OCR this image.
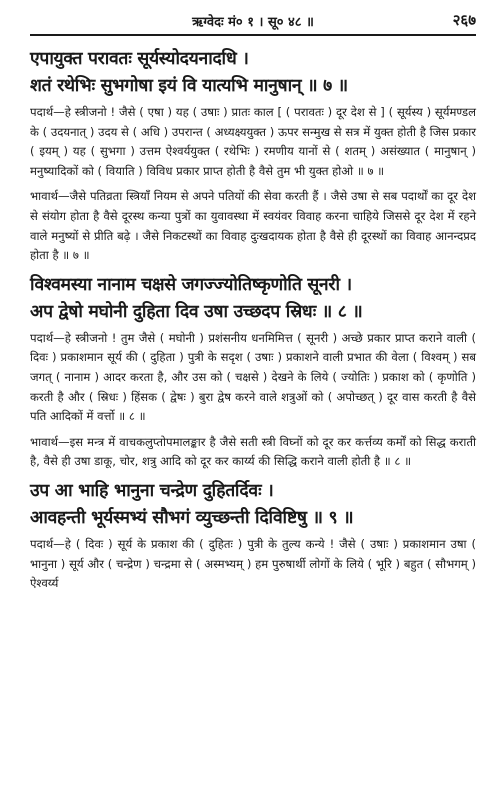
ऋग्वेदः मं० १ । सू० ४८ ॥	२६७
एपायुक्त परावतः सूर्यस्योदयनादधि ।
शतं रथेभिः सुभगोषा इयं वि यात्यभि मानुषान् ॥ ७ ॥

पदार्थ—हे स्त्रीजनो ! जैसे ( एषा ) यह ( उषाः ) प्रातः काल [ ( परावतः ) दूर देश से ] ( सूर्यस्य ) सूर्यमण्डल के ( उदयनात् ) उदय से ( अधि ) उपरान्त ( अध्यक्ष्ययुक्त ) ऊपर सन्मुख से सत्र में युक्त होती है जिस प्रकार ( इयम् ) यह ( सुभगा ) उत्तम ऐश्वर्ययुक्त ( रथेभिः ) रमणीय यानों से ( शतम् ) असंख्यात ( मानुषान् ) मनुष्यादिकों को ( वियाति ) विविध प्रकार प्राप्त होती है वैसे तुम भी युक्त होओ ॥ ७ ॥

भावार्थ—जैसे पतिव्रता स्त्रियाँ नियम से अपने पतियों की सेवा करती हैं । जैसे उषा से सब पदार्थों का दूर देश से संयोग होता है वैसे दूरस्थ कन्या पुत्रों का युवावस्था में स्वयंवर विवाह करना चाहिये जिससे दूर देश में रहने वाले मनुष्यों से प्रीति बढ़े । जैसे निकटस्थों का विवाह दुःखदायक होता है वैसे ही दूरस्थों का विवाह आनन्दप्रद होता है ॥ ७ ॥

विश्वमस्या नानाम चक्षसे जगज्ज्योतिष्कृणोति सूनरी ।
अप द्वेषो मघोनी दुहिता दिव उषा उच्छदप स्रिधः ॥ ८ ॥

पदार्थ—हे स्त्रीजनो ! तुम जैसे ( मघोनी ) प्रशंसनीय धनमिमित्त ( सूनरी ) अच्छे प्रकार प्राप्त कराने वाली ( दिवः ) प्रकाशमान सूर्य की ( दुहिता ) पुत्री के सदृश ( उषाः ) प्रकाशने वाली प्रभात की वेला ( विश्वम् ) सब जगत् ( नानाम ) आदर करता है, और उस को ( चक्षसे ) देखने के लिये ( ज्योतिः ) प्रकाश को ( कृणोति ) करती है और ( स्रिधः ) हिंसक ( द्वेषः ) बुरा द्वेष करने वाले शत्रुओं को ( अपोच्छत् ) दूर वास करती है वैसे पति आदिकों में वर्त्तो ॥ ८ ॥

भावार्थ—इस मन्त्र में वाचकलुप्तोपमालङ्कार है जैसे सती स्त्री विघ्नों को दूर कर कर्त्तव्य कर्मों को सिद्ध कराती है, वैसे ही उषा डाकू, चोर, शत्रु आदि को दूर कर कार्य्य की सिद्धि कराने वाली होती है ॥ ८ ॥

उप आ भाहि भानुना चन्द्रेण दुहितर्दिवः ।
आवहन्ती भूर्यस्मभ्यं सौभगं व्युच्छन्ती दिविष्टिषु ॥ ९ ॥

पदार्थ—हे ( दिवः ) सूर्य के प्रकाश की ( दुहितः ) पुत्री के तुल्य कन्ये ! जैसे ( उषाः ) प्रकाशमान उषा ( भानुना ) सूर्य और ( चन्द्रेण ) चन्द्रमा से ( अस्मभ्यम् ) हम पुरुषार्थी लोगों के लिये ( भूरि ) बहुत ( सौभगम् ) ऐश्वर्य्य
